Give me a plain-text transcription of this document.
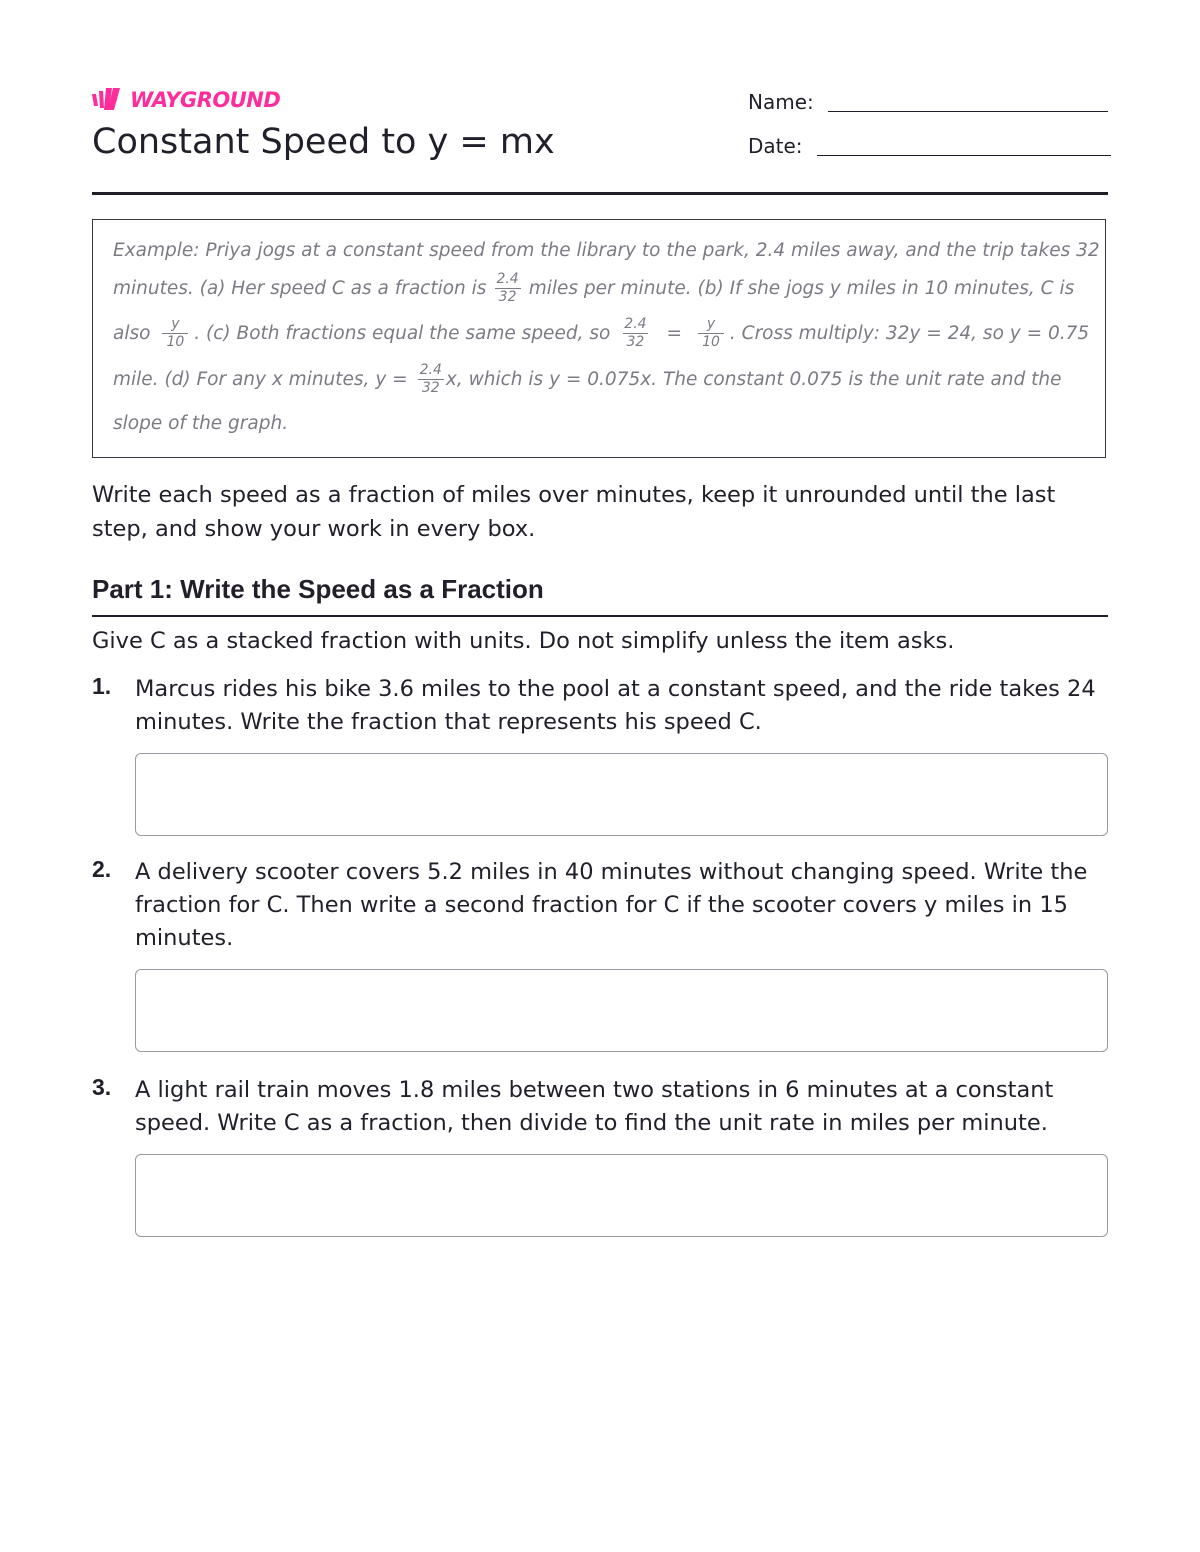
WAYGROUND
Constant Speed to y = mx
Name:
Date:
Example: Priya jogs at a constant speed from the library to the park, 2.4 miles away, and the trip takes 32
minutes. (a) Her speed C as a fraction is $\frac{2.4}{32}$ miles per minute. (b) If she jogs y miles in 10 minutes, C is
also $\frac{y}{10}$ . (c) Both fractions equal the same speed, so $\frac{2.4}{32} = \frac{y}{10}$ . Cross multiply: 32y = 24, so y = 0.75
mile. (d) For any x minutes, $y = \frac{2.4}{32} x$, which is y = 0.075x. The constant 0.075 is the unit rate and the
slope of the graph.

Write each speed as a fraction of miles over minutes, keep it unrounded until the last step, and show your work in every box.

Part 1: Write the Speed as a Fraction

Give C as a stacked fraction with units. Do not simplify unless the item asks.

1. Marcus rides his bike 3.6 miles to the pool at a constant speed, and the ride takes 24 minutes. Write the fraction that represents his speed C.

2. A delivery scooter covers 5.2 miles in 40 minutes without changing speed. Write the fraction for C. Then write a second fraction for C if the scooter covers y miles in 15 minutes.

3. A light rail train moves 1.8 miles between two stations in 6 minutes at a constant speed. Write C as a fraction, then divide to find the unit rate in miles per minute.
